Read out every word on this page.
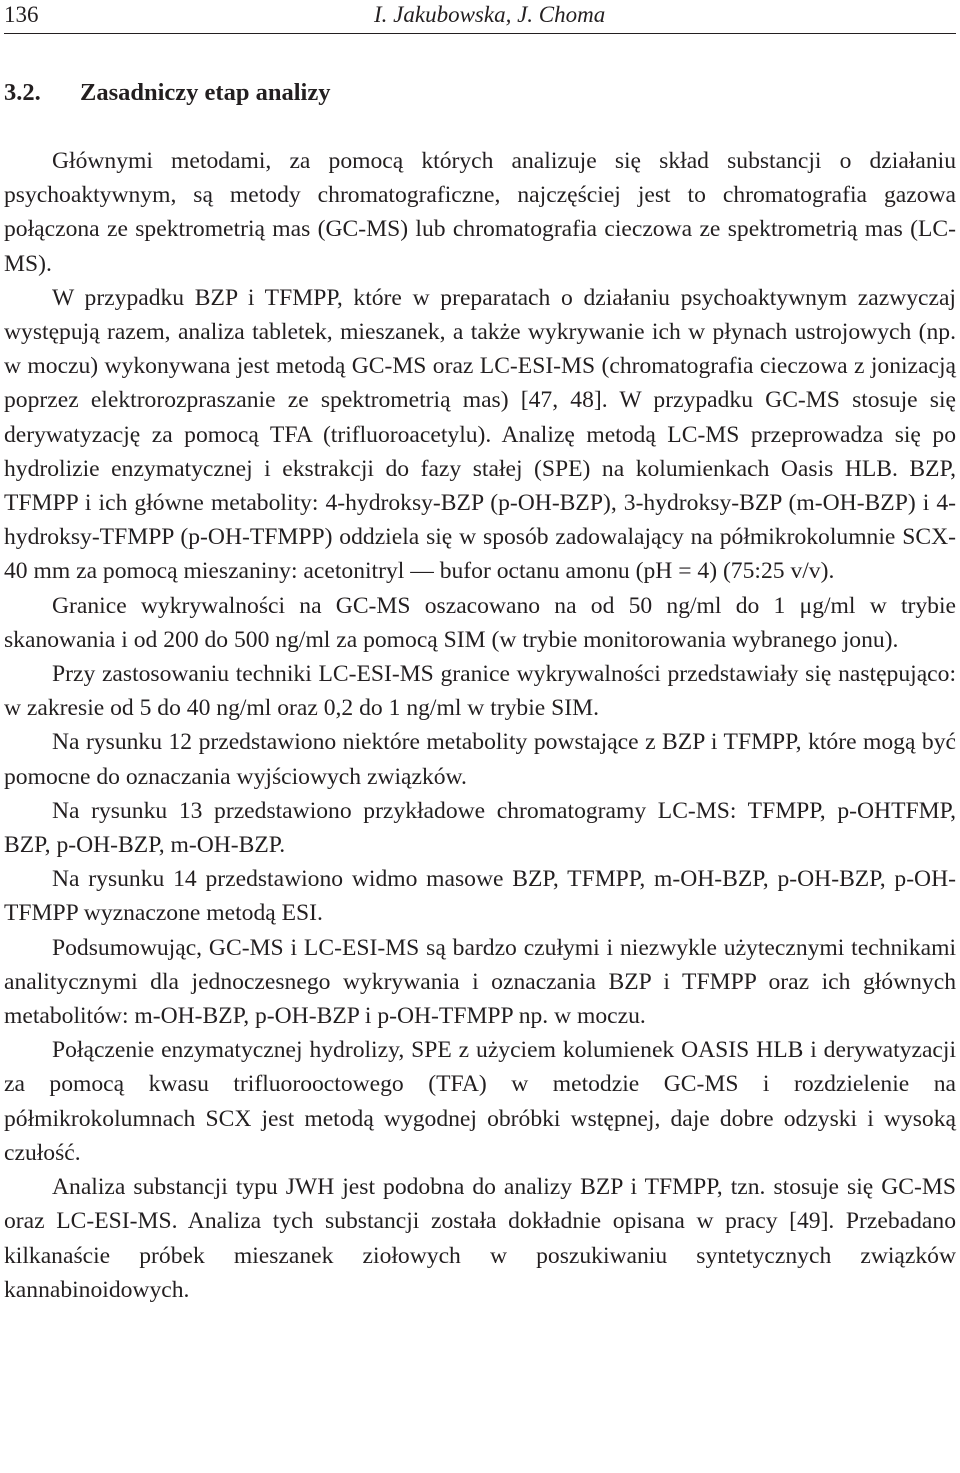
136	I. Jakubowska, J. Choma
3.2. Zasadniczy etap analizy

Głównymi metodami, za pomocą których analizuje się skład substancji o działaniu psychoaktywnym, są metody chromatograficzne, najczęściej jest to chromatografia gazowa połączona ze spektrometrią mas (GC-MS) lub chromatografia cieczowa ze spektrometrią mas (LC-MS).

W przypadku BZP i TFMPP, które w preparatach o działaniu psychoaktywnym zazwyczaj występują razem, analiza tabletek, mieszanek, a także wykrywanie ich w płynach ustrojowych (np. w moczu) wykonywana jest metodą GC-MS oraz LC-ESI-MS (chromatografia cieczowa z jonizacją poprzez elektrorozpraszanie ze spektrometrią mas) [47, 48]. W przypadku GC-MS stosuje się derywatyzację za pomocą TFA (trifluoroacetylu). Analizę metodą LC-MS przeprowadza się po hydrolizie enzymatycznej i ekstrakcji do fazy stałej (SPE) na kolumienkach Oasis HLB. BZP, TFMPP i ich główne metabolity: 4-hydroksy-BZP (p-OH-BZP), 3-hydroksy-BZP (m-OH-BZP) i 4-hydroksy-TFMPP (p-OH-TFMPP) oddziela się w sposób zadowalający na półmikrokolumnie SCX-40 mm za pomocą mieszaniny: acetonitryl — bufor octanu amonu (pH = 4) (75:25 v/v).

Granice wykrywalności na GC-MS oszacowano na od 50 ng/ml do 1 μg/ml w trybie skanowania i od 200 do 500 ng/ml za pomocą SIM (w trybie monitorowania wybranego jonu).

Przy zastosowaniu techniki LC-ESI-MS granice wykrywalności przedstawiały się następująco: w zakresie od 5 do 40 ng/ml oraz 0,2 do 1 ng/ml w trybie SIM.

Na rysunku 12 przedstawiono niektóre metabolity powstające z BZP i TFMPP, które mogą być pomocne do oznaczania wyjściowych związków.

Na rysunku 13 przedstawiono przykładowe chromatogramy LC-MS: TFMPP, p-OHTFMP, BZP, p-OH-BZP, m-OH-BZP.

Na rysunku 14 przedstawiono widmo masowe BZP, TFMPP, m-OH-BZP, p-OH-BZP, p-OH-TFMPP wyznaczone metodą ESI.

Podsumowując, GC-MS i LC-ESI-MS są bardzo czułymi i niezwykle użytecznymi technikami analitycznymi dla jednoczesnego wykrywania i oznaczania BZP i TFMPP oraz ich głównych metabolitów: m-OH-BZP, p-OH-BZP i p-OH-TFMPP np. w moczu.

Połączenie enzymatycznej hydrolizy, SPE z użyciem kolumienek OASIS HLB i derywatyzacji za pomocą kwasu trifluorooctowego (TFA) w metodzie GC-MS i rozdzielenie na półmikrokolumnach SCX jest metodą wygodnej obróbki wstępnej, daje dobre odzyski i wysoką czułość.

Analiza substancji typu JWH jest podobna do analizy BZP i TFMPP, tzn. stosuje się GC-MS oraz LC-ESI-MS. Analiza tych substancji została dokładnie opisana w pracy [49]. Przebadano kilkanaście próbek mieszanek ziołowych w poszukiwaniu syntetycznych związków kannabinoidowych.
